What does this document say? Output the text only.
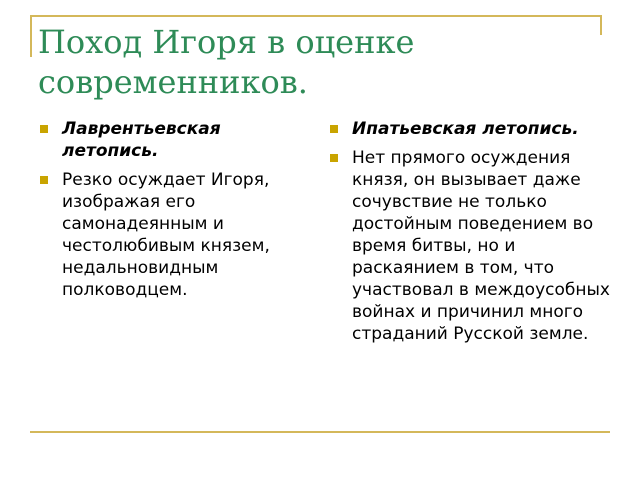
Поход Игоря в оценке современников.
Лаврентьевская летопись.
Резко осуждает Игоря, изображая его самонадеянным и честолюбивым князем, недальновидным полководцем.
Ипатьевская летопись.
Нет прямого осуждения князя, он вызывает даже сочувствие не только достойным поведением во время битвы, но и раскаянием в том, что участвовал в междоусобных войнах и причинил много страданий Русской земле.
